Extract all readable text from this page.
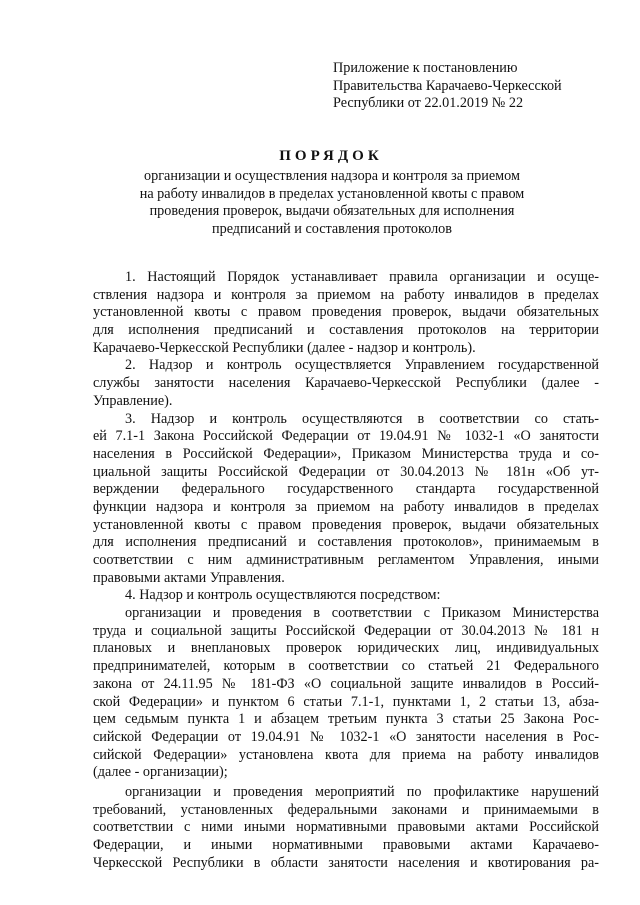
Приложение к постановлению
Правительства Карачаево-Черкесской
Республики от 22.01.2019 № 22
ПОРЯДОК
организации и осуществления надзора и контроля за приемом
на работу инвалидов в пределах установленной квоты с правом
проведения проверок, выдачи обязательных для исполнения
предписаний и составления протоколов
1. Настоящий Порядок устанавливает правила организации и осуще-
ствления надзора и контроля за приемом на работу инвалидов в пределах
установленной квоты с правом проведения проверок, выдачи обязательных
для исполнения предписаний и составления протоколов на территории
Карачаево-Черкесской Республики (далее - надзор и контроль).
2. Надзор и контроль осуществляется Управлением государственной
службы занятости населения Карачаево-Черкесской Республики (далее -
Управление).
3. Надзор и контроль осуществляются в соответствии со стать-
ей 7.1-1 Закона Российской Федерации от 19.04.91 № 1032-1 «О занятости
населения в Российской Федерации», Приказом Министерства труда и со-
циальной защиты Российской Федерации от 30.04.2013 № 181н «Об ут-
верждении федерального государственного стандарта государственной
функции надзора и контроля за приемом на работу инвалидов в пределах
установленной квоты с правом проведения проверок, выдачи обязательных
для исполнения предписаний и составления протоколов», принимаемым в
соответствии с ним административным регламентом Управления, иными
правовыми актами Управления.
4. Надзор и контроль осуществляются посредством:
организации и проведения в соответствии с Приказом Министерства
труда и социальной защиты Российской Федерации от 30.04.2013 № 181 н
плановых и внеплановых проверок юридических лиц, индивидуальных
предпринимателей, которым в соответствии со статьей 21 Федерального
закона от 24.11.95 № 181-ФЗ «О социальной защите инвалидов в Россий-
ской Федерации» и пунктом 6 статьи 7.1-1, пунктами 1, 2 статьи 13, абза-
цем седьмым пункта 1 и абзацем третьим пункта 3 статьи 25 Закона Рос-
сийской Федерации от 19.04.91 № 1032-1 «О занятости населения в Рос-
сийской Федерации» установлена квота для приема на работу инвалидов
(далее - организации);
организации и проведения мероприятий по профилактике нарушений
требований, установленных федеральными законами и принимаемыми в
соответствии с ними иными нормативными правовыми актами Российской
Федерации, и иными нормативными правовыми актами Карачаево-
Черкесской Республики в области занятости населения и квотирования ра-
